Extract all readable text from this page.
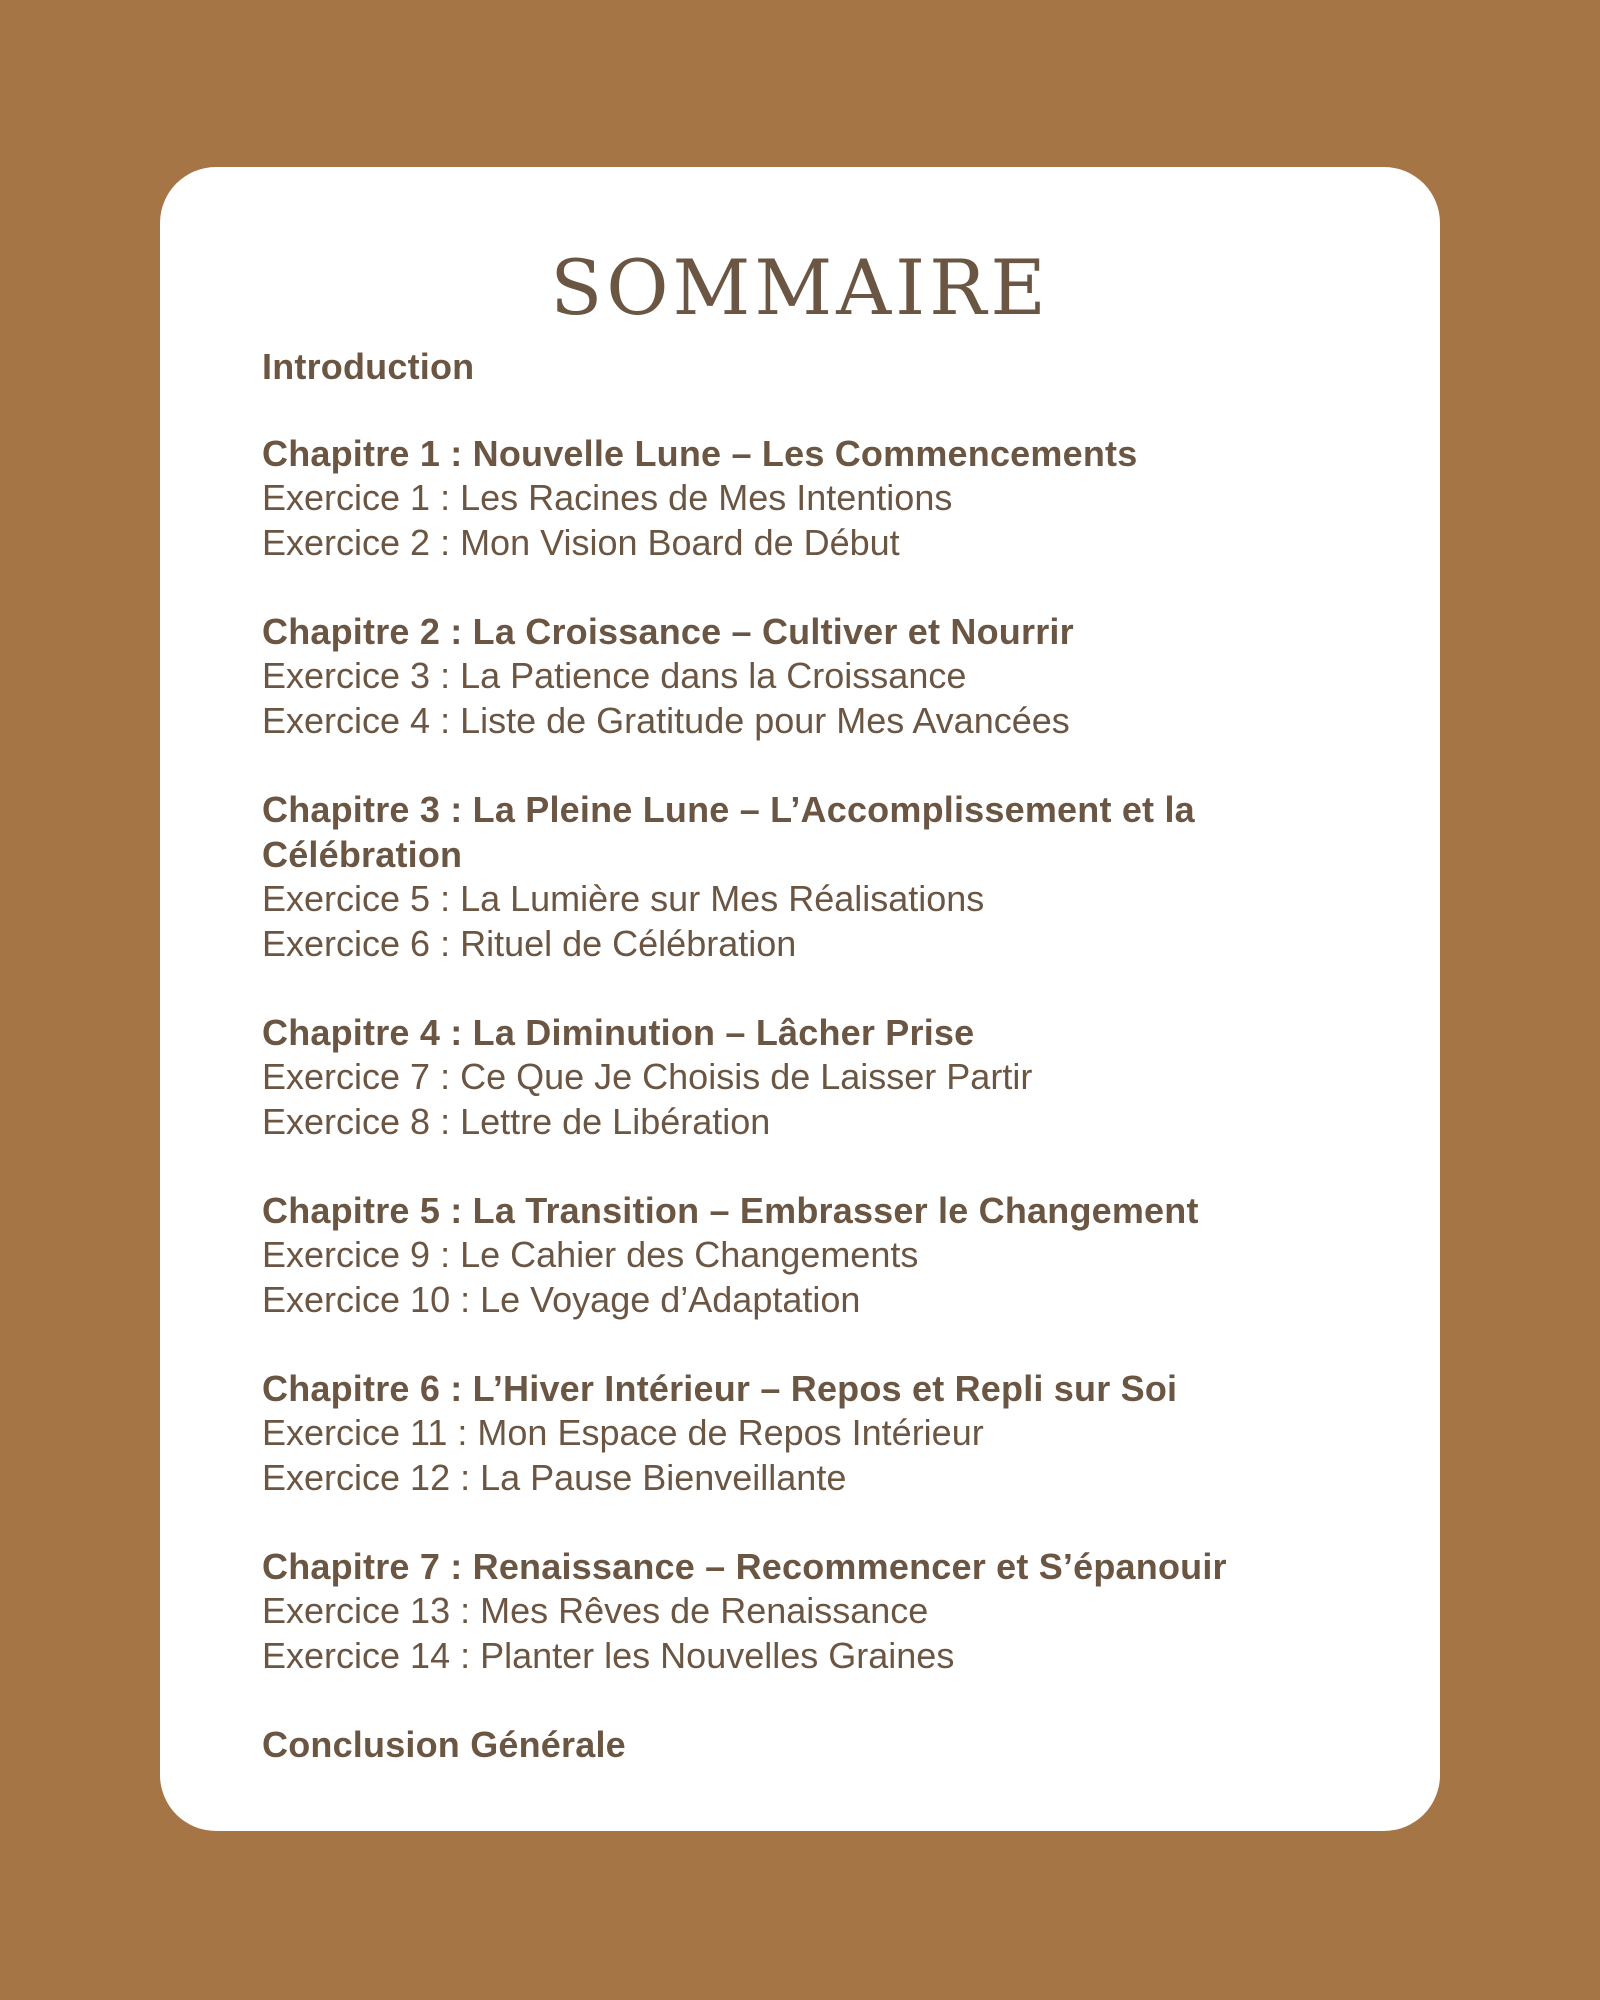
SOMMAIRE

Introduction

Chapitre 1 : Nouvelle Lune – Les Commencements

Exercice 1 : Les Racines de Mes Intentions

Exercice 2 : Mon Vision Board de Début

Chapitre 2 : La Croissance – Cultiver et Nourrir

Exercice 3 : La Patience dans la Croissance

Exercice 4 : Liste de Gratitude pour Mes Avancées

Chapitre 3 : La Pleine Lune – L’Accomplissement et la Célébration

Exercice 5 : La Lumière sur Mes Réalisations

Exercice 6 : Rituel de Célébration

Chapitre 4 : La Diminution – Lâcher Prise

Exercice 7 : Ce Que Je Choisis de Laisser Partir

Exercice 8 : Lettre de Libération

Chapitre 5 : La Transition – Embrasser le Changement

Exercice 9 : Le Cahier des Changements

Exercice 10 : Le Voyage d’Adaptation

Chapitre 6 : L’Hiver Intérieur – Repos et Repli sur Soi

Exercice 11 : Mon Espace de Repos Intérieur

Exercice 12 : La Pause Bienveillante

Chapitre 7 : Renaissance – Recommencer et S’épanouir

Exercice 13 : Mes Rêves de Renaissance

Exercice 14 : Planter les Nouvelles Graines

Conclusion Générale
